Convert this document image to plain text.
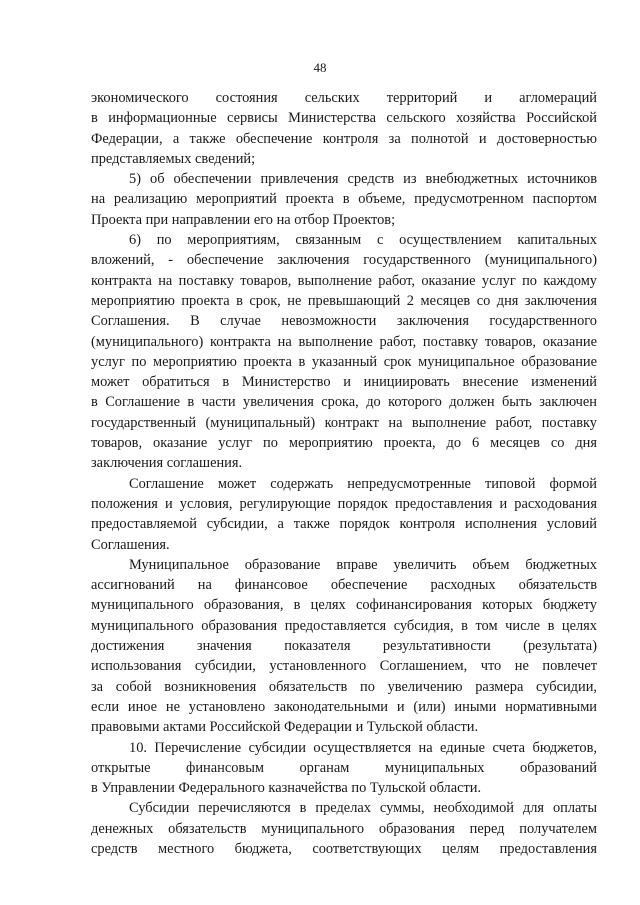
48
экономического состояния сельских территорий и агломераций
в информационные сервисы Министерства сельского хозяйства Российской
Федерации, а также обеспечение контроля за полнотой и достоверностью
представляемых сведений;
5) об обеспечении привлечения средств из внебюджетных источников
на реализацию мероприятий проекта в объеме, предусмотренном паспортом
Проекта при направлении его на отбор Проектов;
6) по мероприятиям, связанным с осуществлением капитальных
вложений, - обеспечение заключения государственного (муниципального)
контракта на поставку товаров, выполнение работ, оказание услуг по каждому
мероприятию проекта в срок, не превышающий 2 месяцев со дня заключения
Соглашения. В случае невозможности заключения государственного
(муниципального) контракта на выполнение работ, поставку товаров, оказание
услуг по мероприятию проекта в указанный срок муниципальное образование
может обратиться в Министерство и инициировать внесение изменений
в Соглашение в части увеличения срока, до которого должен быть заключен
государственный (муниципальный) контракт на выполнение работ, поставку
товаров, оказание услуг по мероприятию проекта, до 6 месяцев со дня
заключения соглашения.
Соглашение может содержать непредусмотренные типовой формой
положения и условия, регулирующие порядок предоставления и расходования
предоставляемой субсидии, а также порядок контроля исполнения условий
Соглашения.
Муниципальное образование вправе увеличить объем бюджетных
ассигнований на финансовое обеспечение расходных обязательств
муниципального образования, в целях софинансирования которых бюджету
муниципального образования предоставляется субсидия, в том числе в целях
достижения значения показателя результативности (результата)
использования субсидии, установленного Соглашением, что не повлечет
за собой возникновения обязательств по увеличению размера субсидии,
если иное не установлено законодательными и (или) иными нормативными
правовыми актами Российской Федерации и Тульской области.
10. Перечисление субсидии осуществляется на единые счета бюджетов,
открытые финансовым органам муниципальных образований
в Управлении Федерального казначейства по Тульской области.
Субсидии перечисляются в пределах суммы, необходимой для оплаты
денежных обязательств муниципального образования перед получателем
средств местного бюджета, соответствующих целям предоставления
